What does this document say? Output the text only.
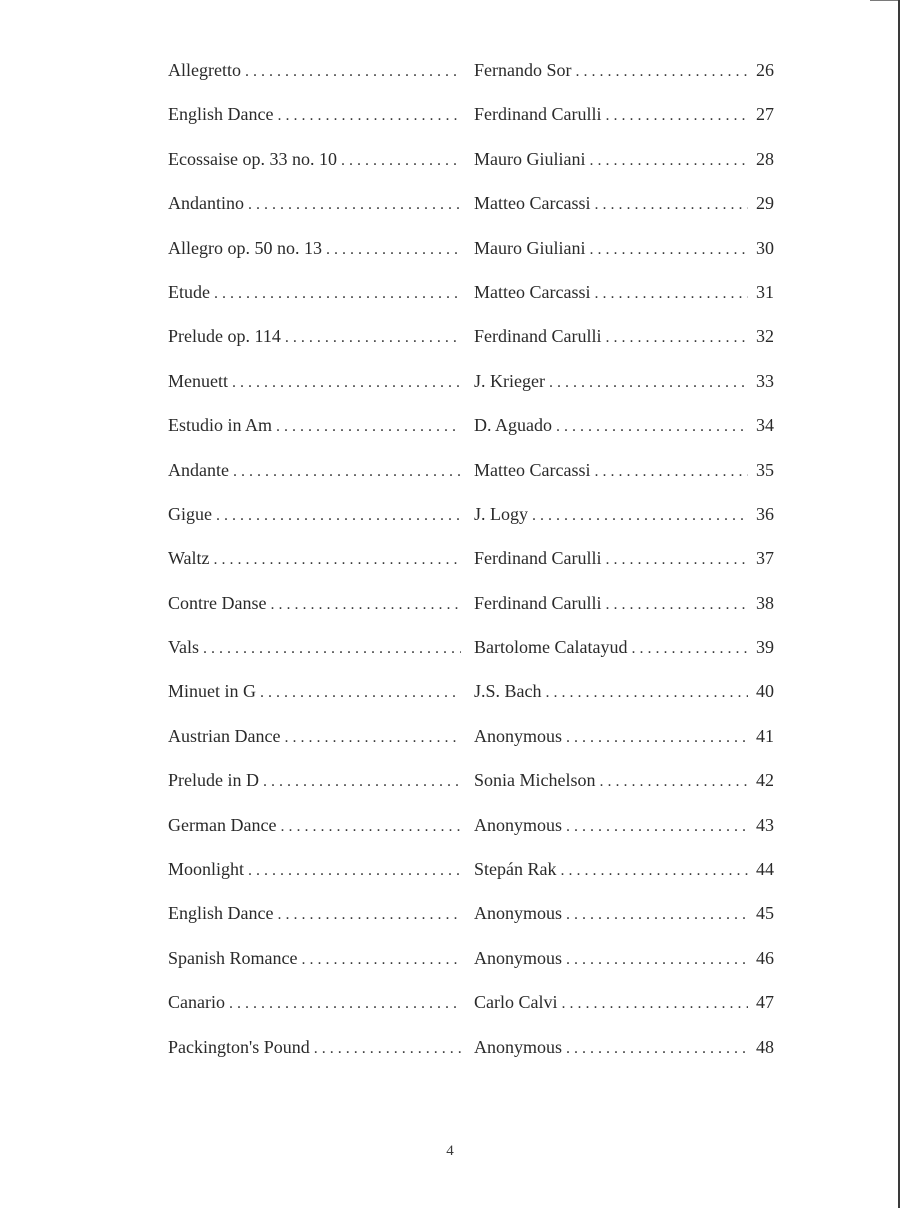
Allegretto . . .	Fernando Sor . . .	26
English Dance . . .	Ferdinand Carulli . . .	27
Ecossaise op. 33 no. 10 . . .	Mauro Giuliani . . .	28
Andantino . . .	Matteo Carcassi . . .	29
Allegro op. 50 no. 13 . . .	Mauro Giuliani . . .	30
Etude . . .	Matteo Carcassi . . .	31
Prelude op. 114 . . .	Ferdinand Carulli . . .	32
Menuett . . .	J. Krieger . . .	33
Estudio in Am . . .	D. Aguado . . .	34
Andante . . .	Matteo Carcassi . . .	35
Gigue . . .	J. Logy . . .	36
Waltz . . .	Ferdinand Carulli . . .	37
Contre Danse . . .	Ferdinand Carulli . . .	38
Vals . . .	Bartolome Calatayud . . .	39
Minuet in G . . .	J.S. Bach . . .	40
Austrian Dance . . .	Anonymous . . .	41
Prelude in D . . .	Sonia Michelson . . .	42
German Dance . . .	Anonymous . . .	43
Moonlight . . .	Stepán Rak . . .	44
English Dance . . .	Anonymous . . .	45
Spanish Romance . . .	Anonymous . . .	46
Canario . . .	Carlo Calvi . . .	47
Packington's Pound . . .	Anonymous . . .	48
4
